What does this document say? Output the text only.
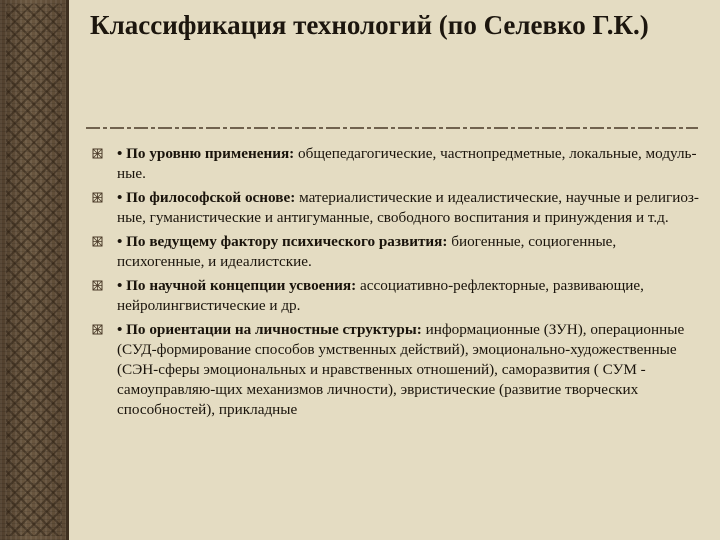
Классификация технологий (по Селевко Г.К.)
• По уровню применения: общепедагогические, частнопредметные, локальные, модуль-ные.
• По философской основе: материалистические и идеалистические, научные и религиоз-ные, гуманистические и антигуманные, свободного воспитания и принуждения и т.д.
• По ведущему фактору психического развития: биогенные, социогенные, психогенные, и идеалистские.
• По научной концепции усвоения: ассоциативно-рефлекторные, развивающие, нейролингвистические и др.
• По ориентации на личностные структуры: информационные (ЗУН), операционные (СУД-формирование способов умственных действий), эмоционально-художественные (СЭН-сферы эмоциональных и нравственных отношений), саморазвития ( СУМ - самоуправляю-щих механизмов личности), эвристические (развитие творческих способностей), прикладные
